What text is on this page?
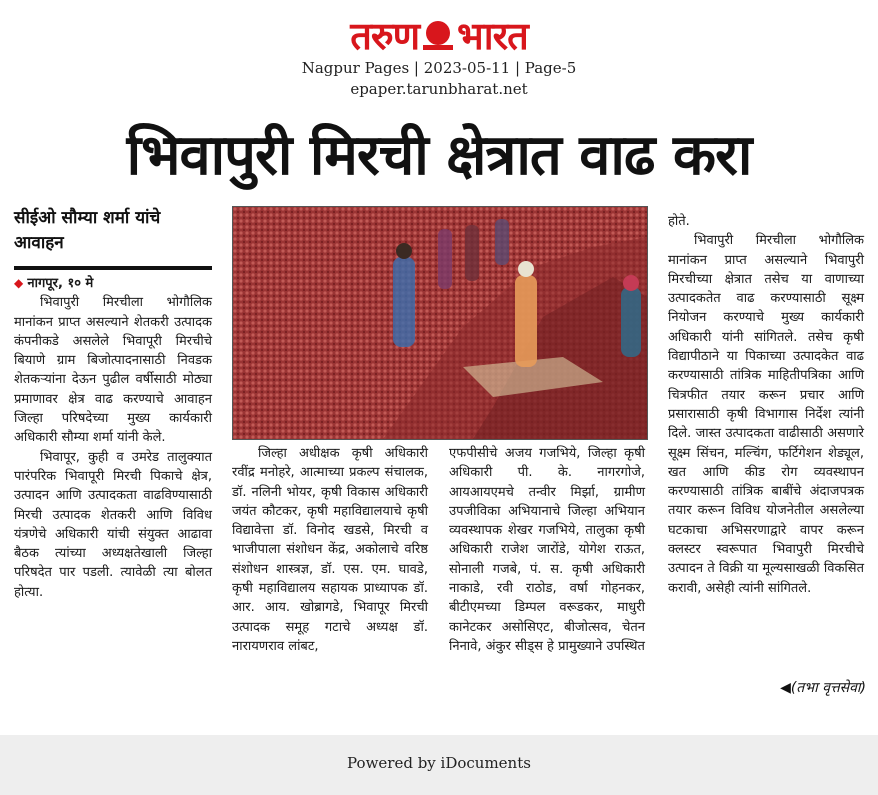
तरुण भारत
Nagpur Pages | 2023-05-11 | Page-5
epaper.tarunbharat.net
भिवापुरी मिरची क्षेत्रात वाढ करा
सीईओ सौम्या शर्मा यांचे आवाहन

◆ नागपूर, १० मे

भिवापुरी मिरचीला भोगौलिक मानांकन प्राप्त असल्याने शेतकरी उत्पादक कंपनीकडे असलेले भिवापूरी मिरचीचे बियाणे ग्राम बिजोत्पादनासाठी निवडक शेतकऱ्यांना देऊन पुढील वर्षीसाठी मोठ्या प्रमाणावर क्षेत्र वाढ करण्याचे आवाहन जिल्हा परिषदेच्या मुख्य कार्यकारी अधिकारी सौम्या शर्मा यांनी केले.

भिवापूर, कुही व उमरेड तालुक्यात पारंपरिक भिवापूरी मिरची पिकाचे क्षेत्र, उत्पादन आणि उत्पादकता वाढविण्यासाठी मिरची उत्पादक शेतकरी आणि विविध यंत्रणेचे अधिकारी यांची संयुक्त आढावा बैठक त्यांच्या अध्यक्षतेखाली जिल्हा परिषदेत पार पडली. त्यावेळी त्या बोलत होत्या.

जिल्हा अधीक्षक कृषी अधिकारी रवींद्र मनोहरे, आत्माच्या प्रकल्प संचालक, डॉ. नलिनी भोयर, कृषी विकास अधिकारी जयंत कौटकर, कृषी महाविद्यालयाचे कृषी विद्यावेत्ता डॉ. विनोद खडसे, मिरची व भाजीपाला संशोधन केंद्र, अकोलाचे वरिष्ठ संशोधन शास्त्रज्ञ, डॉ. एस. एम. घावडे, कृषी महाविद्यालय सहायक प्राध्यापक डॉ. आर. आय. खोब्रागडे, भिवापूर मिरची उत्पादक समूह गटाचे अध्यक्ष डॉ. नारायणराव लांबट,

एफपीसीचे अजय गजभिये, जिल्हा कृषी अधिकारी पी. के. नागरगोजे, आयआयएमचे तन्वीर मिर्झा, ग्रामीण उपजीविका अभियानाचे जिल्हा अभियान व्यवस्थापक शेखर गजभिये, तालुका कृषी अधिकारी राजेश जारोंडे, योगेश राऊत, सोनाली गजबे, पं. स. कृषी अधिकारी नाकाडे, रवी राठोड, वर्षा गोहनकर, बीटीएमच्या डिम्पल वरूडकर, माधुरी कानेटकर असोसिएट, बीजोत्सव, चेतन निनावे, अंकुर सीड्स हे प्रामुख्याने उपस्थित

होते.

भिवापुरी मिरचीला भोगौलिक मानांकन प्राप्त असल्याने भिवापुरी मिरचीच्या क्षेत्रात तसेच या वाणाच्या उत्पादकतेत वाढ करण्यासाठी सूक्ष्म नियोजन करण्याचे मुख्य कार्यकारी अधिकारी यांनी सांगितले. तसेच कृषी विद्यापीठाने या पिकाच्या उत्पादकेत वाढ करण्यासाठी तांत्रिक माहितीपत्रिका आणि चित्रफीत तयार करून प्रचार आणि प्रसारासाठी कृषी विभागास निर्देश त्यांनी दिले. जास्त उत्पादकता वाढीसाठी असणारे सूक्ष्म सिंचन, मल्चिंग, फर्टिगेशन शेड्यूल, खत आणि कीड रोग व्यवस्थापन करण्यासाठी तांत्रिक बाबींचे अंदाजपत्रक तयार करून विविध योजनेतील असलेल्या घटकाचा अभिसरणाद्वारे वापर करून क्लस्टर स्वरूपात भिवापुरी मिरचीचे उत्पादन ते विक्री या मूल्यसाखळी विकसित करावी, असेही त्यांनी सांगितले.

◀(तभा वृत्तसेवा)
Powered by iDocuments
